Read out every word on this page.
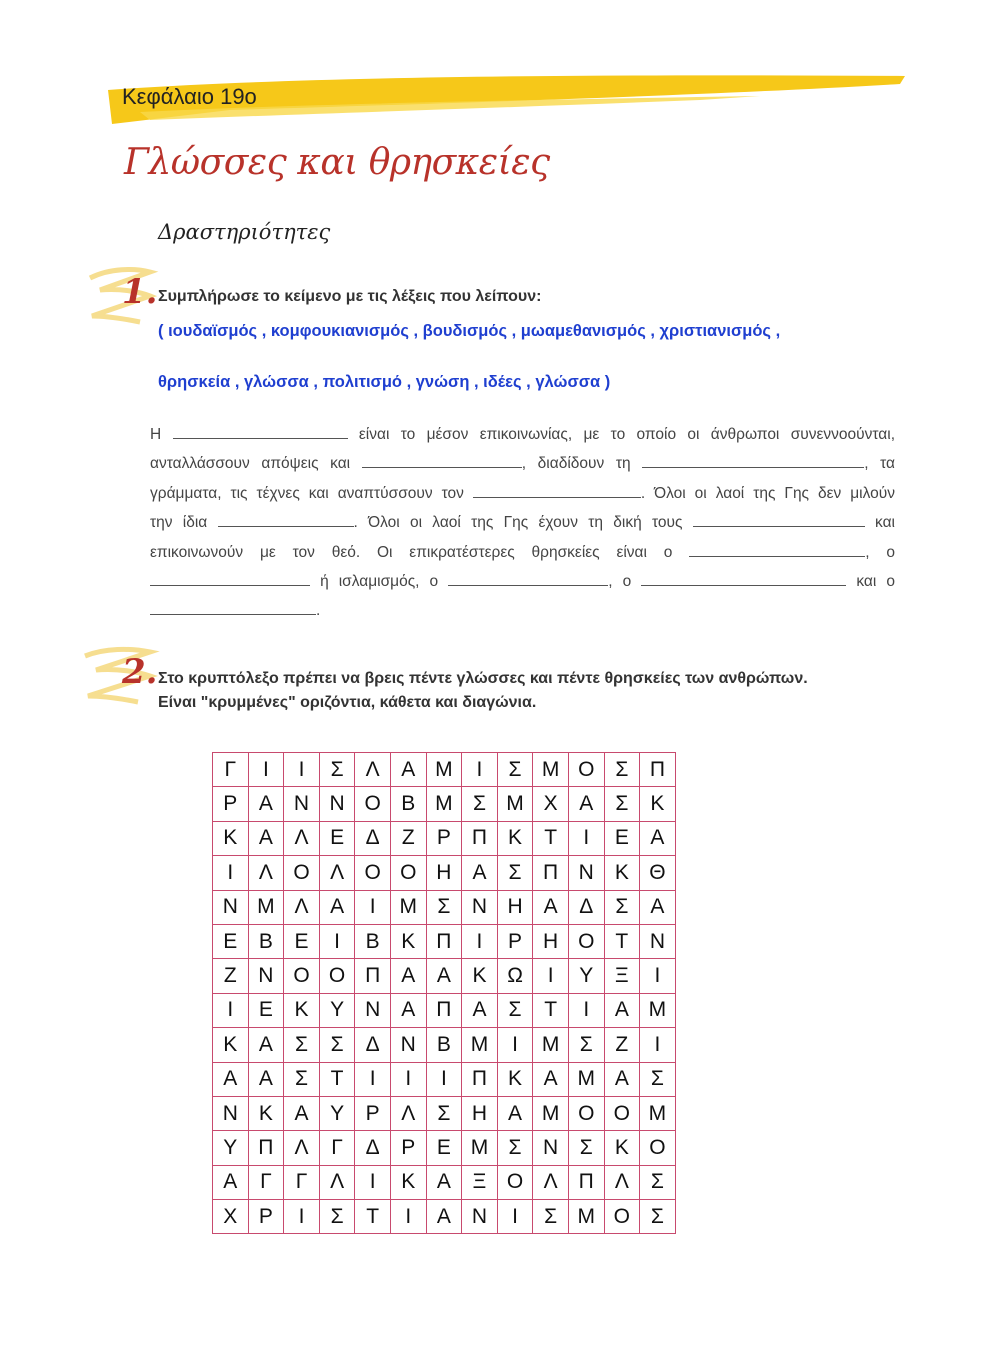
Κεφάλαιο 19ο
Γλώσσες και θρησκείες
Δραστηριότητες
1. Συμπλήρωσε το κείμενο με τις λέξεις που λείπουν:
( ιουδαϊσμός , κομφουκιανισμός , βουδισμός , μωαμεθανισμός , χριστιανισμός ,
θρησκεία , γλώσσα , πολιτισμό , γνώση , ιδέες , γλώσσα )
Η	είναι το μέσον επικοινωνίας, με το οποίο οι άνθρωποι συνεννοούνται,
ανταλλάσσουν απόψεις και	, διαδίδουν τη	, τα
γράμματα, τις τέχνες και αναπτύσσουν τον	. Όλοι οι λαοί της Γης δεν μιλούν
την ίδια	. Όλοι οι λαοί της Γης έχουν τη δική τους	και
επικοινωνούν με τον θεό. Οι επικρατέστερες θρησκείες είναι ο	, ο
ή ισλαμισμός, ο	, ο	και ο
.
2. Στο κρυπτόλεξο πρέπει να βρεις πέντε γλώσσες και πέντε θρησκείες των ανθρώπων.
Είναι "κρυμμένες" οριζόντια, κάθετα και διαγώνια.
Γ	Ι	Ι	Σ	Λ	Α	Μ	Ι	Σ	Μ	Ο	Σ	Π
Ρ	Α	Ν	Ν	Ο	Β	Μ	Σ	Μ	Χ	Α	Σ	Κ
Κ	Α	Λ	Ε	Δ	Ζ	Ρ	Π	Κ	Τ	Ι	Ε	Α
Ι	Λ	Ο	Λ	Ο	Ο	Η	Α	Σ	Π	Ν	Κ	Θ
Ν	Μ	Λ	Α	Ι	Μ	Σ	Ν	Η	Α	Δ	Σ	Α
Ε	Β	Ε	Ι	Β	Κ	Π	Ι	Ρ	Η	Ο	Τ	Ν
Ζ	Ν	Ο	Ο	Π	Α	Α	Κ	Ω	Ι	Υ	Ξ	Ι
Ι	Ε	Κ	Υ	Ν	Α	Π	Α	Σ	Τ	Ι	Α	Μ
Κ	Α	Σ	Σ	Δ	Ν	Β	Μ	Ι	Μ	Σ	Ζ	Ι
Α	Α	Σ	Τ	Ι	Ι	Ι	Π	Κ	Α	Μ	Α	Σ
Ν	Κ	Α	Υ	Ρ	Λ	Σ	Η	Α	Μ	Ο	Ο	Μ
Υ	Π	Λ	Γ	Δ	Ρ	Ε	Μ	Σ	Ν	Σ	Κ	Ο
Α	Γ	Γ	Λ	Ι	Κ	Α	Ξ	Ο	Λ	Π	Λ	Σ
Χ	Ρ	Ι	Σ	Τ	Ι	Α	Ν	Ι	Σ	Μ	Ο	Σ
